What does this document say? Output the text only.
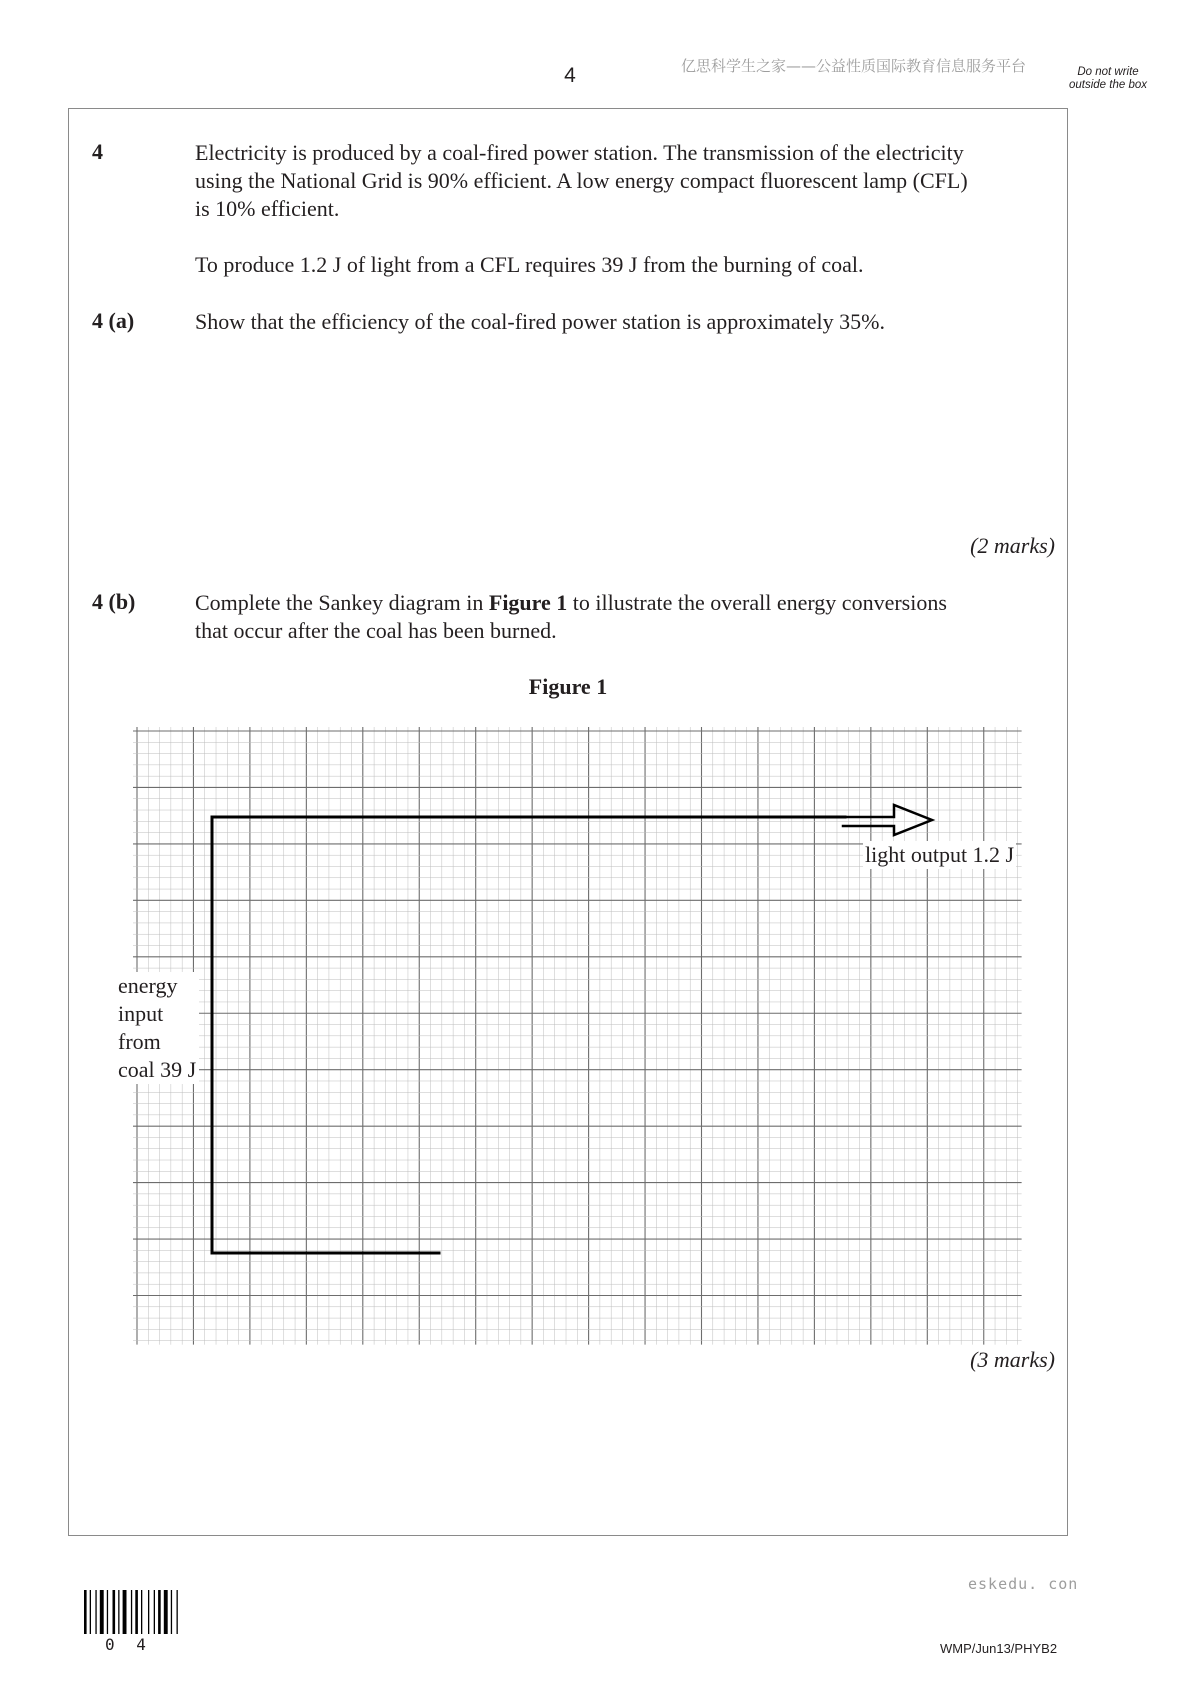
4	亿思科学生之家——公益性质国际教育信息服务平台	Do not write outside the box
4	Electricity is produced by a coal-fired power station. The transmission of the electricity
using the National Grid is 90% efficient. A low energy compact fluorescent lamp (CFL)
is 10% efficient.
To produce 1.2 J of light from a CFL requires 39 J from the burning of coal.
4 (a)	Show that the efficiency of the coal-fired power station is approximately 35%.
(2 marks)
4 (b)	Complete the Sankey diagram in Figure 1 to illustrate the overall energy conversions
that occur after the coal has been burned.
Figure 1
light output 1.2 J
energy
input
from
coal 39 J
(3 marks)
eskedu. con
0 4	WMP/Jun13/PHYB2
